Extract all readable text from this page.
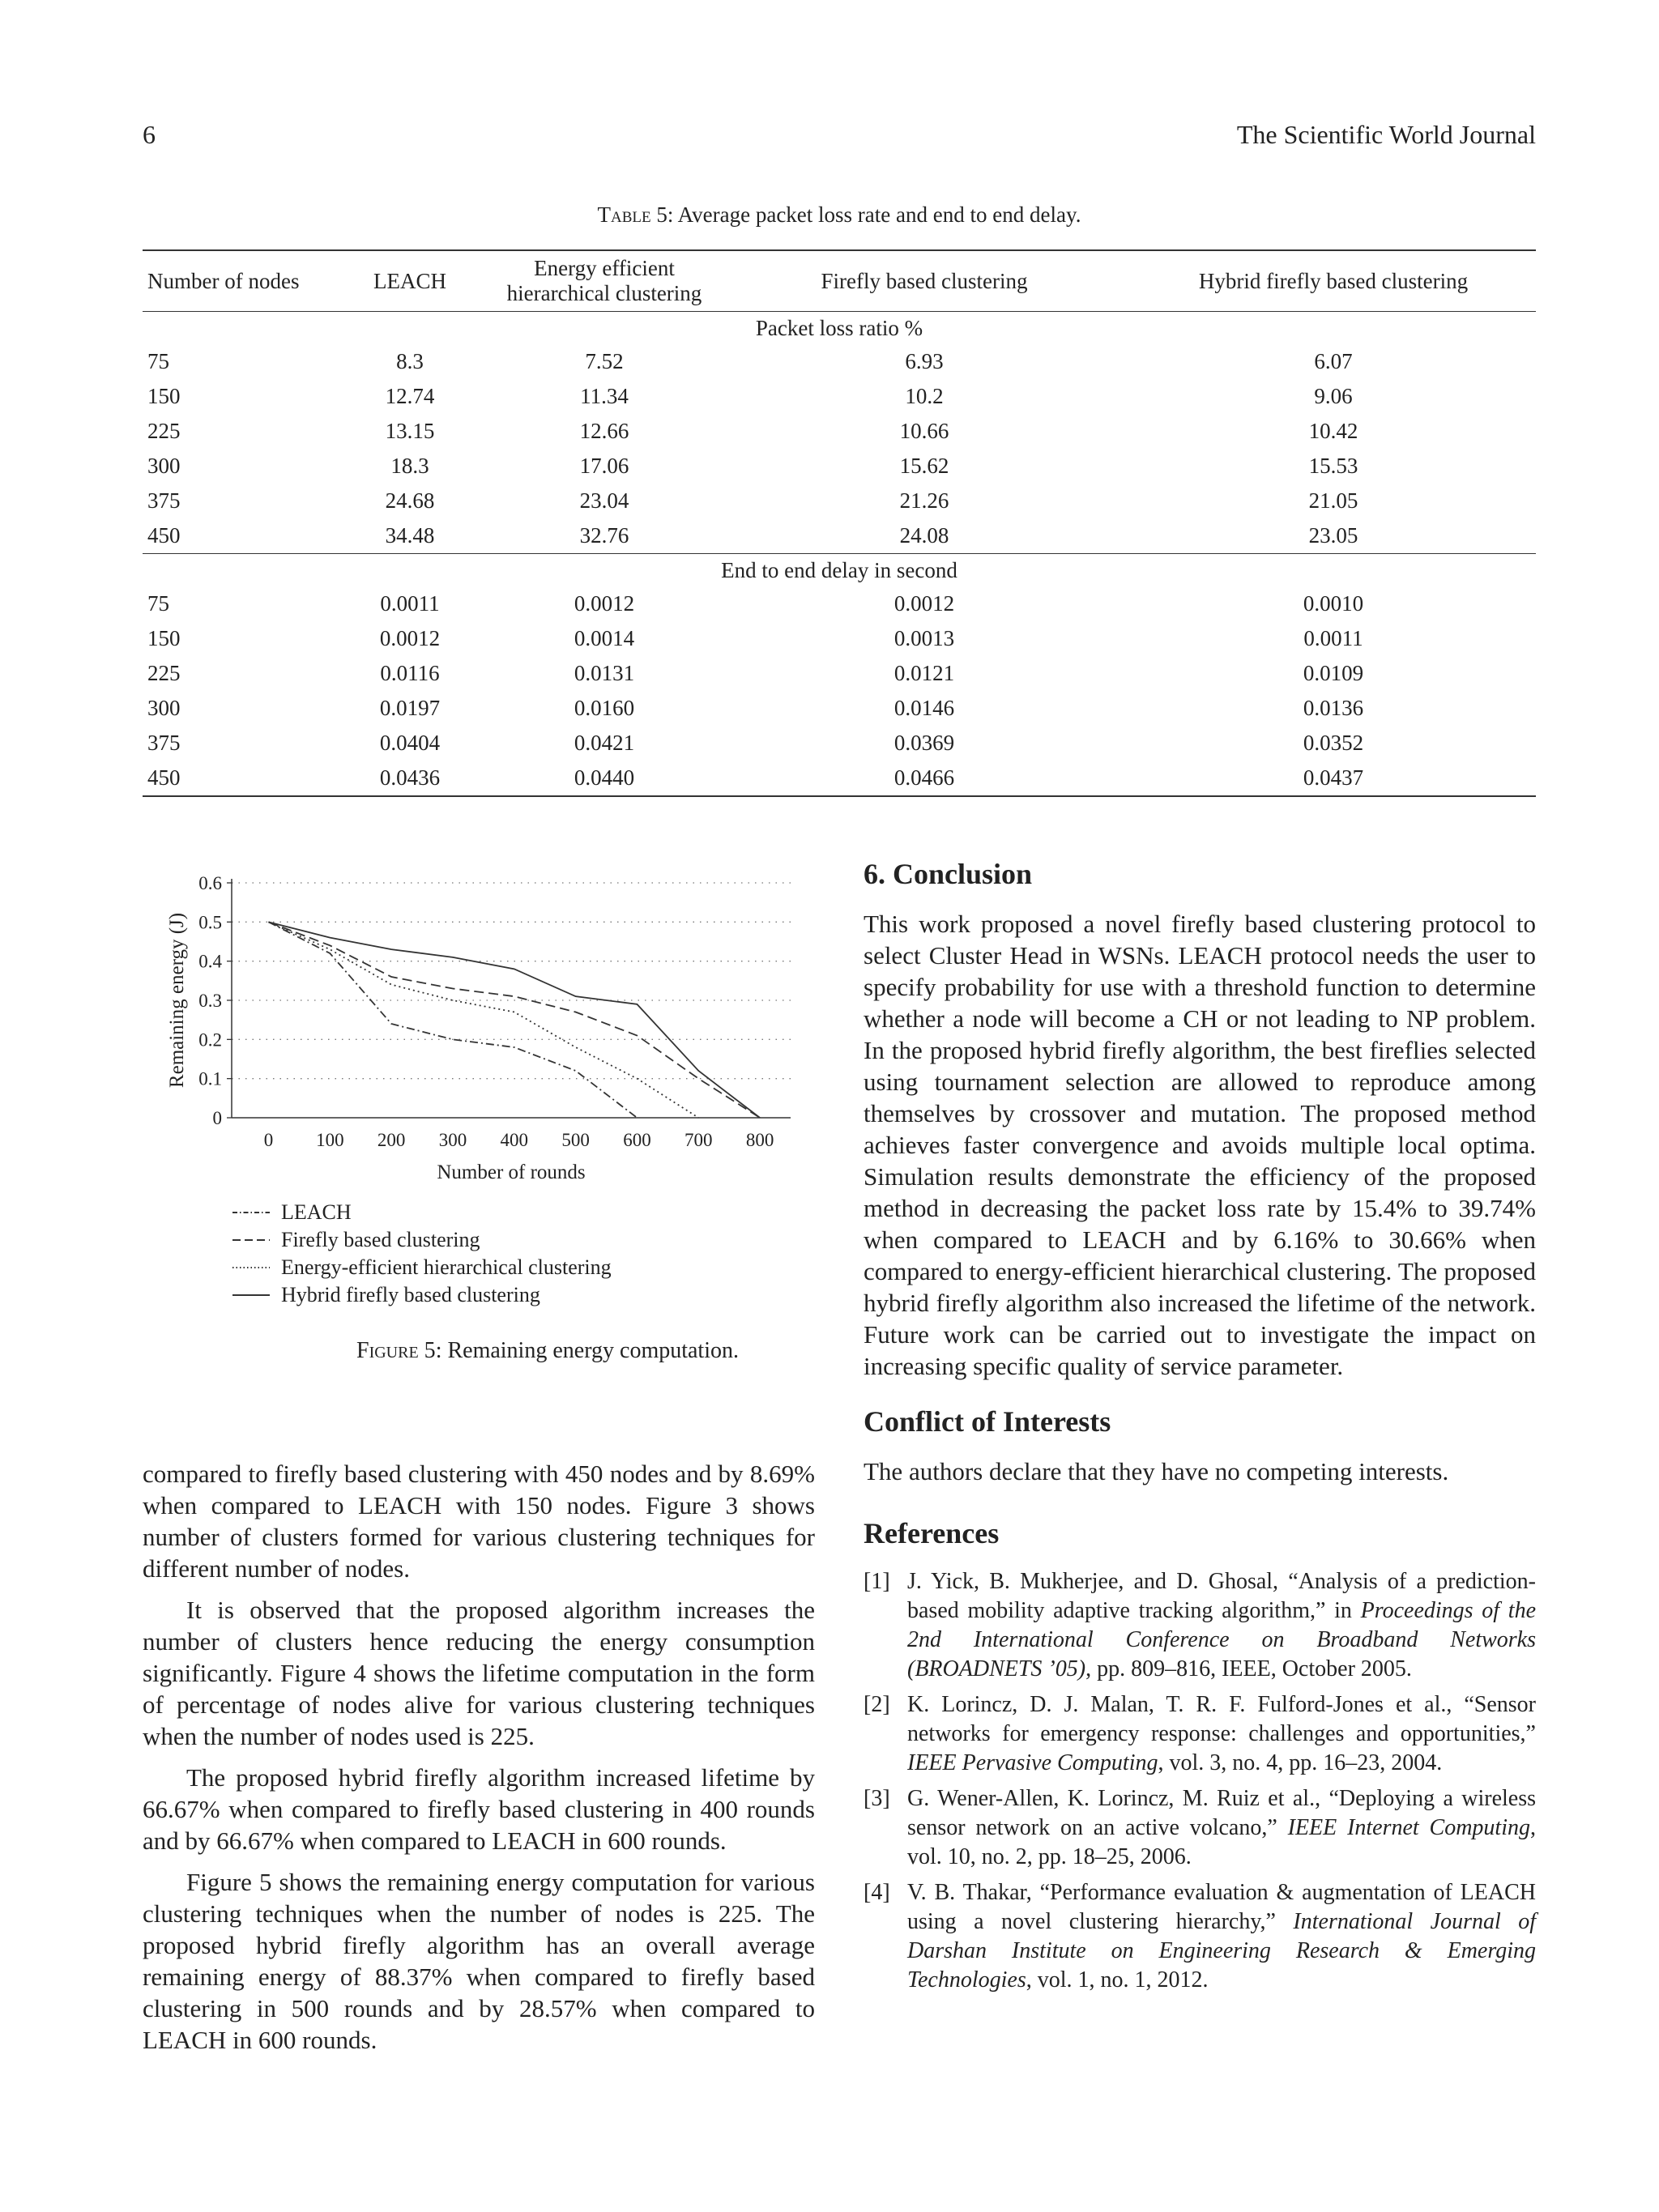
6	The Scientific World Journal
Table 5: Average packet loss rate and end to end delay.
Number of nodes	LEACH	Energy efficient hierarchical clustering	Firefly based clustering	Hybrid firefly based clustering
Packet loss ratio %				
75	8.3	7.52	6.93	6.07
150	12.74	11.34	10.2	9.06
225	13.15	12.66	10.66	10.42
300	18.3	17.06	15.62	15.53
375	24.68	23.04	21.26	21.05
450	34.48	32.76	24.08	23.05
End to end delay in second				
75	0.0011	0.0012	0.0012	0.0010
150	0.0012	0.0014	0.0013	0.0011
225	0.0116	0.0131	0.0121	0.0109
300	0.0197	0.0160	0.0146	0.0136
375	0.0404	0.0421	0.0369	0.0352
450	0.0436	0.0440	0.0466	0.0437
0
0.1
0.2
0.3
0.4
0.5
0.6
0 100 200 300 400 500 600 700 800
Number of rounds
Remaining energy (J)
LEACH
Firefly based clustering
Energy-efficient hierarchical clustering
Hybrid firefly based clustering
Figure 5: Remaining energy computation.

compared to firefly based clustering with 450 nodes and by 8.69% when compared to LEACH with 150 nodes. Figure 3 shows number of clusters formed for various clustering techniques for different number of nodes.

It is observed that the proposed algorithm increases the number of clusters hence reducing the energy consumption significantly. Figure 4 shows the lifetime computation in the form of percentage of nodes alive for various clustering techniques when the number of nodes used is 225.

The proposed hybrid firefly algorithm increased lifetime by 66.67% when compared to firefly based clustering in 400 rounds and by 66.67% when compared to LEACH in 600 rounds.

Figure 5 shows the remaining energy computation for various clustering techniques when the number of nodes is 225. The proposed hybrid firefly algorithm has an overall average remaining energy of 88.37% when compared to firefly based clustering in 500 rounds and by 28.57% when compared to LEACH in 600 rounds.

6. Conclusion

This work proposed a novel firefly based clustering protocol to select Cluster Head in WSNs. LEACH protocol needs the user to specify probability for use with a threshold function to determine whether a node will become a CH or not leading to NP problem. In the proposed hybrid firefly algorithm, the best fireflies selected using tournament selection are allowed to reproduce among themselves by crossover and mutation. The proposed method achieves faster convergence and avoids multiple local optima. Simulation results demonstrate the efficiency of the proposed method in decreasing the packet loss rate by 15.4% to 39.74% when compared to LEACH and by 6.16% to 30.66% when compared to energy-efficient hierarchical clustering. The proposed hybrid firefly algorithm also increased the lifetime of the network. Future work can be carried out to investigate the impact on increasing specific quality of service parameter.

Conflict of Interests

The authors declare that they have no competing interests.

References
[1] J. Yick, B. Mukherjee, and D. Ghosal, “Analysis of a prediction-based mobility adaptive tracking algorithm,” in Proceedings of the 2nd International Conference on Broadband Networks (BROADNETS ’05), pp. 809–816, IEEE, October 2005.
[2] K. Lorincz, D. J. Malan, T. R. F. Fulford-Jones et al., “Sensor networks for emergency response: challenges and opportunities,” IEEE Pervasive Computing, vol. 3, no. 4, pp. 16–23, 2004.
[3] G. Wener-Allen, K. Lorincz, M. Ruiz et al., “Deploying a wireless sensor network on an active volcano,” IEEE Internet Computing, vol. 10, no. 2, pp. 18–25, 2006.
[4] V. B. Thakar, “Performance evaluation & augmentation of LEACH using a novel clustering hierarchy,” International Journal of Darshan Institute on Engineering Research & Emerging Technologies, vol. 1, no. 1, 2012.
